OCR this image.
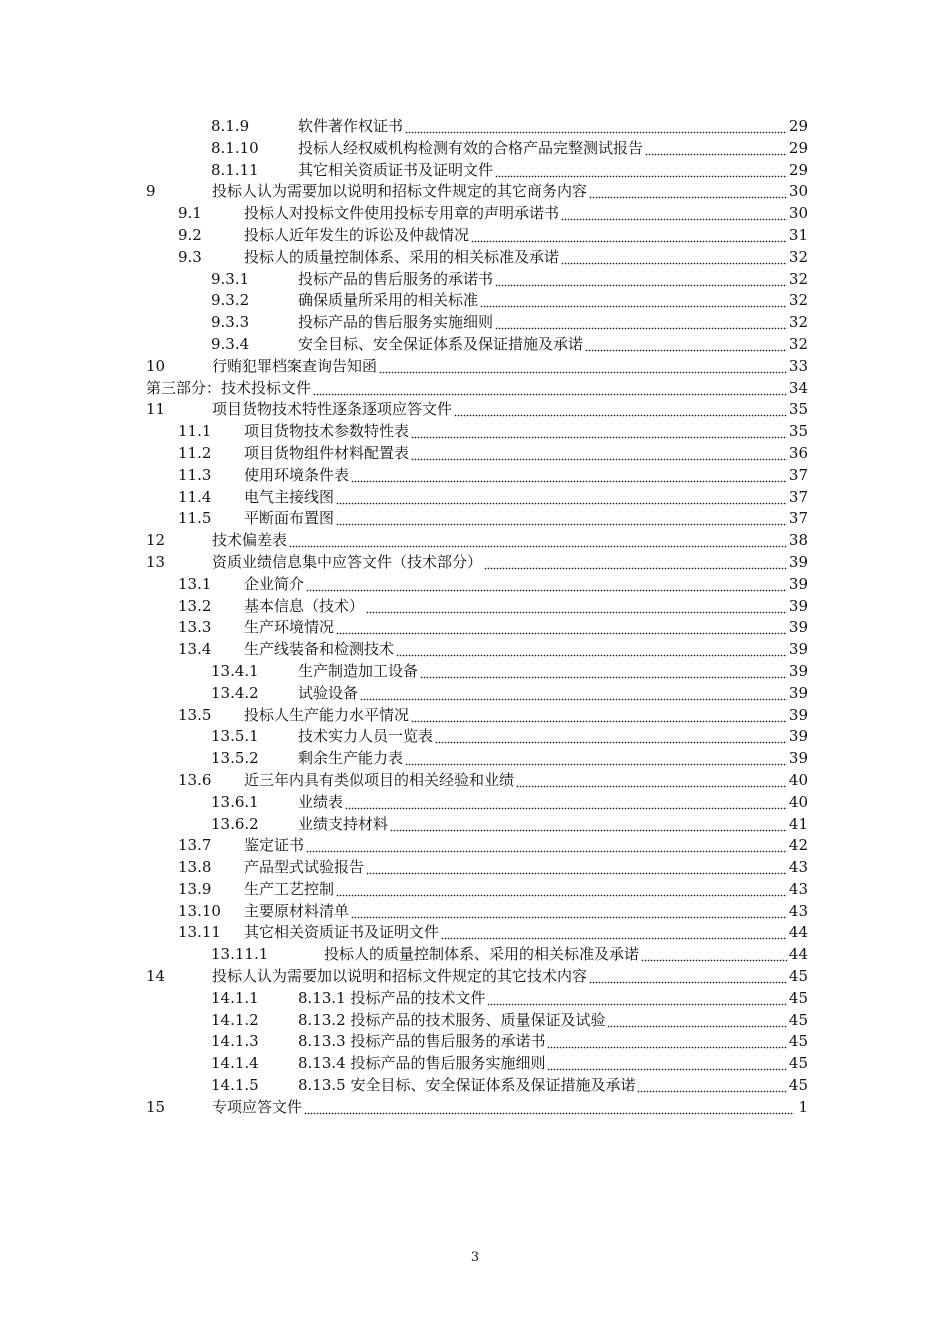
8.1.9	软件著作权证书	29
8.1.10	投标人经权威机构检测有效的合格产品完整测试报告	29
8.1.11	其它相关资质证书及证明文件	29
9	投标人认为需要加以说明和招标文件规定的其它商务内容	30
9.1	投标人对投标文件使用投标专用章的声明承诺书	30
9.2	投标人近年发生的诉讼及仲裁情况	31
9.3	投标人的质量控制体系、采用的相关标准及承诺	32
9.3.1	投标产品的售后服务的承诺书	32
9.3.2	确保质量所采用的相关标准	32
9.3.3	投标产品的售后服务实施细则	32
9.3.4	安全目标、安全保证体系及保证措施及承诺	32
10	行贿犯罪档案查询告知函	33
第三部分：技术投标文件	34
11	项目货物技术特性逐条逐项应答文件	35
11.1 项目货物技术参数特性表	35
11.2 项目货物组件材料配置表	36
11.3 使用环境条件表	37
11.4 电气主接线图	37
11.5 平断面布置图	37
12	技术偏差表	38
13	资质业绩信息集中应答文件（技术部分）	39
13.1 企业简介	39
13.2 基本信息（技术）	39
13.3 生产环境情况	39
13.4 生产线装备和检测技术	39
13.4.1	生产制造加工设备	39
13.4.2	试验设备	39
13.5 投标人生产能力水平情况	39
13.5.1	技术实力人员一览表	39
13.5.2	剩余生产能力表	39
13.6 近三年内具有类似项目的相关经验和业绩	40
13.6.1	业绩表	40
13.6.2	业绩支持材料	41
13.7 鉴定证书	42
13.8 产品型式试验报告	43
13.9 生产工艺控制	43
13.10 主要原材料清单	43
13.11 其它相关资质证书及证明文件	44
13.11.1	投标人的质量控制体系、采用的相关标准及承诺	44
14	投标人认为需要加以说明和招标文件规定的其它技术内容	45
14.1.1	8.13.1 投标产品的技术文件	45
14.1.2	8.13.2 投标产品的技术服务、质量保证及试验	45
14.1.3	8.13.3 投标产品的售后服务的承诺书	45
14.1.4	8.13.4 投标产品的售后服务实施细则	45
14.1.5	8.13.5 安全目标、安全保证体系及保证措施及承诺	45
15	专项应答文件	1
3
